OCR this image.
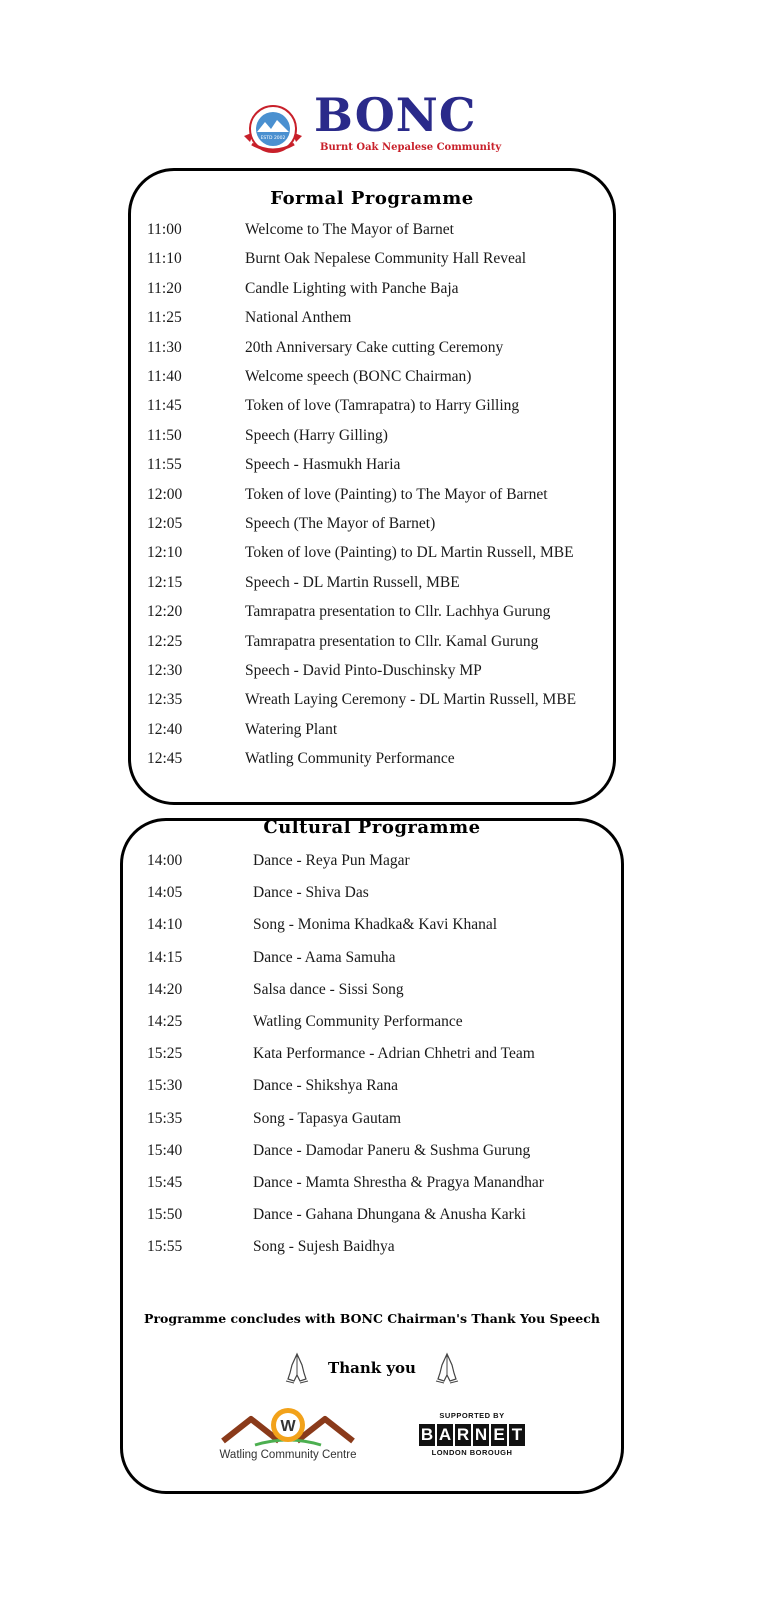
ESTD 2002 BONC
Burnt Oak Nepalese Community
Formal Programme
11:00	Welcome to The Mayor of Barnet
11:10	Burnt Oak Nepalese Community Hall Reveal
11:20	Candle Lighting with Panche Baja
11:25	National Anthem
11:30	20th Anniversary Cake cutting Ceremony
11:40	Welcome speech (BONC Chairman)
11:45	Token of love (Tamrapatra) to Harry Gilling
11:50	Speech (Harry Gilling)
11:55	Speech - Hasmukh Haria
12:00	Token of love (Painting) to The Mayor of Barnet
12:05	Speech (The Mayor of Barnet)
12:10	Token of love (Painting) to DL Martin Russell, MBE
12:15	Speech - DL Martin Russell, MBE
12:20	Tamrapatra presentation to Cllr. Lachhya Gurung
12:25	Tamrapatra presentation to Cllr. Kamal Gurung
12:30	Speech - David Pinto-Duschinsky MP
12:35	Wreath Laying Ceremony - DL Martin Russell, MBE
12:40	Watering Plant
12:45	Watling Community Performance
Cultural Programme
14:00	Dance - Reya Pun Magar
14:05	Dance - Shiva Das
14:10	Song - Monima Khadka& Kavi Khanal
14:15	Dance - Aama Samuha
14:20	Salsa dance - Sissi Song
14:25	Watling Community Performance
15:25	Kata Performance - Adrian Chhetri and Team
15:30	Dance - Shikshya Rana
15:35	Song - Tapasya Gautam
15:40	Dance - Damodar Paneru & Sushma Gurung
15:45	Dance - Mamta Shrestha & Pragya Manandhar
15:50	Dance - Gahana Dhungana & Anusha Karki
15:55	Song - Sujesh Baidhya
Programme concludes with BONC Chairman's Thank You Speech
Thank you
W
Watling Community Centre
SUPPORTED BY
B A R N E T
LONDON BOROUGH
